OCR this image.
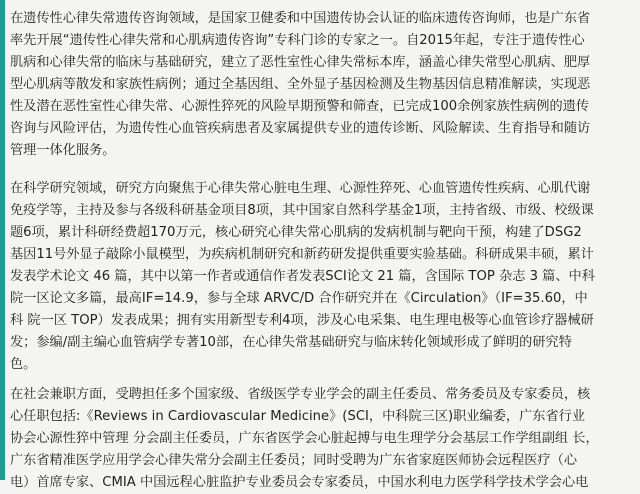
在遗传性心律失常遗传咨询领域，是国家卫健委和中国遗传协会认证的临床遗传咨询师，也是广东省
率先开展“遗传性心律失常和心肌病遗传咨询”专科门诊的专家之一。自2015年起，专注于遗传性心
肌病和心律失常的临床与基础研究，建立了恶性室性心律失常标本库，涵盖心律失常型心肌病、肥厚
型心肌病等散发和家族性病例；通过全基因组、全外显子基因检测及生物基因信息精准解读，实现恶
性及潜在恶性室性心律失常、心源性猝死的风险早期预警和筛查，已完成100余例家族性病例的遗传
咨询与风险评估，为遗传性心血管疾病患者及家属提供专业的遗传诊断、风险解读、生育指导和随访
管理一体化服务。
在科学研究领域，研究方向聚焦于心律失常心脏电生理、心源性猝死、心血管遗传性疾病、心肌代谢
免疫学等，主持及参与各级科研基金项目8项，其中国家自然科学基金1项，主持省级、市级、校级课
题6项，累计科研经费超170万元，核心研究心律失常心肌病的发病机制与靶向干预，构建了DSG2
基因11号外显子敲除小鼠模型，为疾病机制研究和新药研发提供重要实验基础。科研成果丰硕，累计
发表学术论文 46 篇，其中以第一作者或通信作者发表SCI论文 21 篇，含国际 TOP 杂志 3 篇、中科
院一区论文多篇，最高IF=14.9，参与全球 ARVC/D 合作研究并在《Circulation》（IF=35.60，中
科 院一区 TOP）发表成果；拥有实用新型专利4项，涉及心电采集、电生理电极等心血管诊疗器械研
发；参编/副主编心血管病学专著10部，在心律失常基础研究与临床转化领域形成了鲜明的研究特
色。
在社会兼职方面，受聘担任多个国家级、省级医学专业学会的副主任委员、常务委员及专家委员，核
心任职包括:《Reviews in Cardiovascular Medicine》(SCI，中科院三区)职业编委，广东省行业
协会心源性猝中管理 分会副主任委员，广东省医学会心脏起搏与电生理学分会基层工作学组副组 长，
广东省精准医学应用学会心律失常分会副主任委员；同时受聘为广东省家庭医师协会远程医疗（心
电）首席专家、CMIA 中国远程心脏监护专业委员会专家委员，中国水利电力医学科学技术学会心电
